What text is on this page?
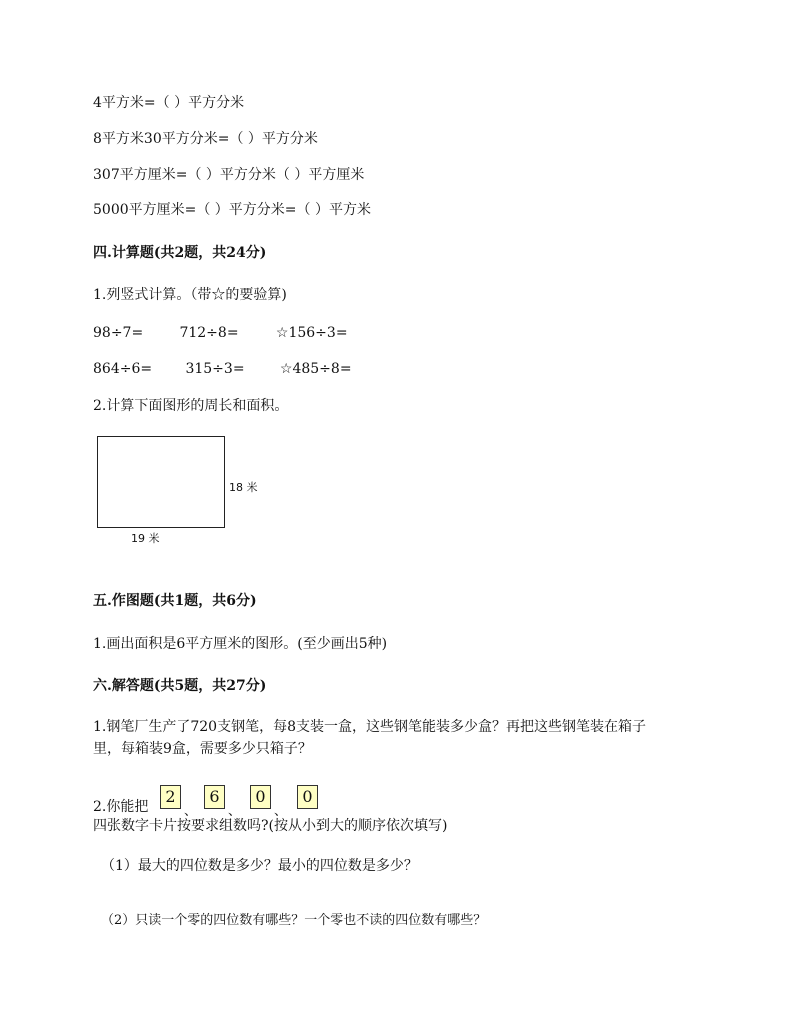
4平方米=（ ）平方分米
8平方米30平方分米=（ ）平方分米
307平方厘米=（ ）平方分米（ ）平方厘米
5000平方厘米=（ ）平方分米=（ ）平方米
四.计算题(共2题，共24分)
1.列竖式计算。（带☆的要验算)
98÷7=	712÷8=	☆156÷3=
864÷6= 315÷3=	☆485÷8=
2.计算下面图形的周长和面积。
18 米
19 米
五.作图题(共1题，共6分)
1.画出面积是6平方厘米的图形。(至少画出5种)
六.解答题(共5题，共27分)
1.钢笔厂生产了720支钢笔，每8支装一盒，这些钢笔能装多少盒？再把这些钢笔装在箱子
里，每箱装9盒，需要多少只箱子？
2.你能把
2
、
6
、
0
、
0
四张数字卡片按要求组数吗?(按从小到大的顺序依次填写)
（1）最大的四位数是多少？最小的四位数是多少？
（2）只读一个零的四位数有哪些？一个零也不读的四位数有哪些？
